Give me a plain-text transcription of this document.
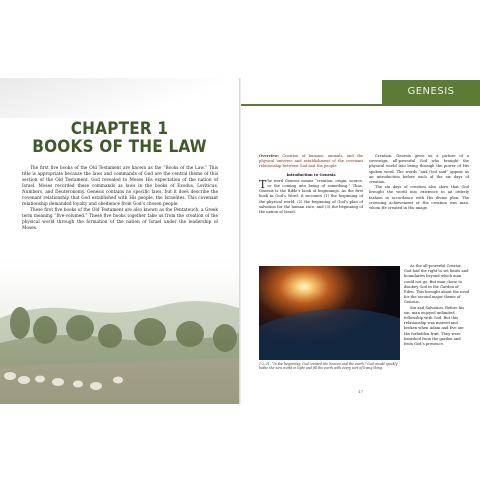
CHAPTER 1
BOOKS OF THE LAW

The first five books of the Old Testament are known as the “Books of the Law.” This title is appropriate because the laws and commands of God are the central theme of this section of the Old Testament. God revealed to Moses His expectation of the nation of Israel. Moses recorded these commands as laws in the books of Exodus, Leviticus, Numbers, and Deuteronomy. Genesis contains no specific laws, but it does describe the covenant relationship that God established with His people, the Israelites. This covenant relationship demanded loyalty and obedience from God’s chosen people.

These first five books of the Old Testament are also known as the Pentateuch, a Greek term meaning “five-volumed.” These five books together take us from the creation of the physical world through the formation of the nation of Israel under the leadership of Moses.

GENESIS

Overview: Creation of humans, animals, and the physical universe and establishment of the covenant relationship between God and His people.

Introduction to Genesis

The word Genesis means “creation, origin, source, or the coming into being of something.” Thus, Genesis is the Bible’s book of beginnings. As the first book in God’s Word, it recounts (1) the beginning of the physical world, (2) the beginning of God’s plan of salvation for the human race, and (3) the beginning of the nation of Israel.

Creation. Genesis gives us a picture of a sovereign, all-powerful God who brought the physical world into being through the power of His spoken word. The words “and God said” appear as an introduction before each of the six days of creation.

The six days of creation also show that God brought the world into existence in an orderly fashion in accordance with His divine plan. The crowning achievement of His creation was man, whom He created in His image.

1:2–31. “In the beginning, God created the heaven and the earth.” God would quickly bathe the new world in light and fill the earth with every sort of living thing.

As the all-powerful Creator, God had the right to set limits and boundaries beyond which man could not go. But man chose to disobey God in the Garden of Eden. This brought about the need for the second major theme of Genesis.

Sin and Salvation. Before his sin, man enjoyed unlimited fellowship with God. But this relationship was marred and broken when Adam and Eve ate the forbidden fruit. They were banished from the garden and from God’s presence.

17
